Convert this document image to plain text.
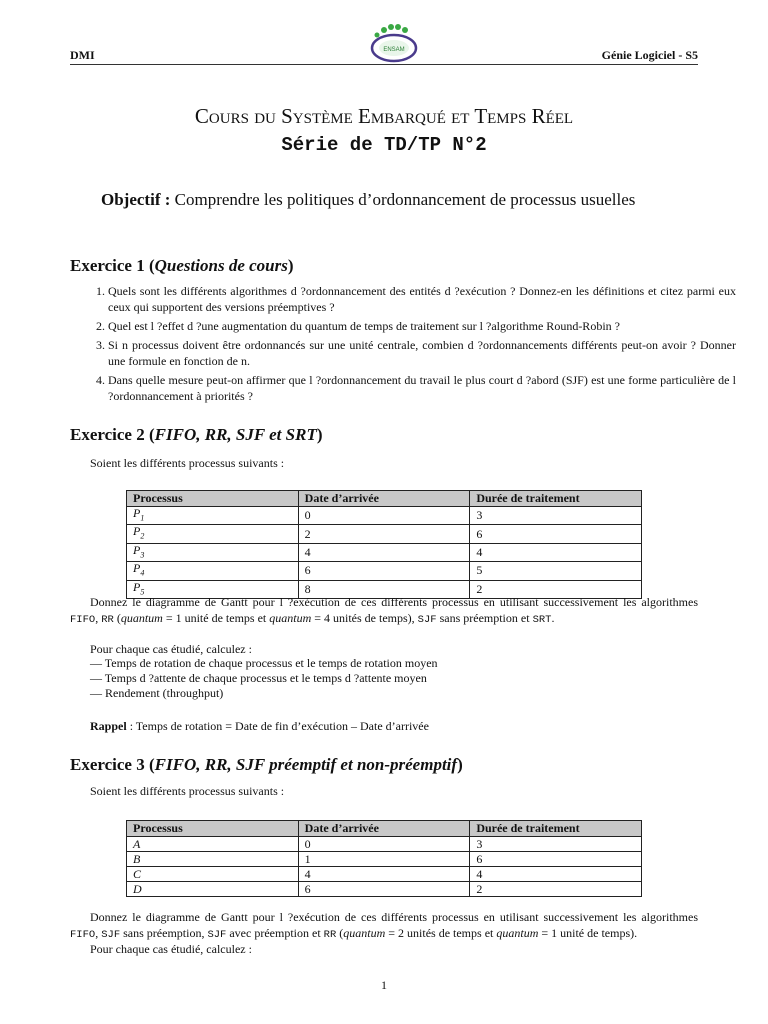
DMI	ENSAM	Génie Logiciel - S5
Cours du Système Embarqué et Temps Réel
Série de TD/TP N°2
Objectif : Comprendre les politiques d’ordonnancement de processus usuelles
Exercice 1 (Questions de cours)
1. Quels sont les différents algorithmes d ?ordonnancement des entités d ?exécution ? Donnez-en les définitions et citez parmi eux ceux qui supportent des versions préemptives ?
2. Quel est l ?effet d ?une augmentation du quantum de temps de traitement sur l ?algorithme Round-Robin ?
3. Si n processus doivent être ordonnancés sur une unité centrale, combien d ?ordonnancements différents peut-on avoir ? Donner une formule en fonction de n.
4. Dans quelle mesure peut-on affirmer que l ?ordonnancement du travail le plus court d ?abord (SJF) est une forme particulière de l ?ordonnancement à priorités ?
Exercice 2 (FIFO, RR, SJF et SRT)
Soient les différents processus suivants :
Processus	Date d’arrivée	Durée de traitement
$P_1$	0	3
$P_2$	2	6
$P_3$	4	4
$P_4$	6	5
$P_5$	8	2
Donnez le diagramme de Gantt pour l ?exécution de ces différents processus en utilisant successivement les algorithmes FIFO, RR (quantum = 1 unité de temps et quantum = 4 unités de temps), SJF sans préemption et SRT.
Pour chaque cas étudié, calculez :
— Temps de rotation de chaque processus et le temps de rotation moyen
— Temps d ?attente de chaque processus et le temps d ?attente moyen
— Rendement (throughput)
Rappel : Temps de rotation = Date de fin d’exécution – Date d’arrivée
Exercice 3 (FIFO, RR, SJF préemptif et non-préemptif)
Soient les différents processus suivants :
Processus	Date d’arrivée	Durée de traitement
A	0	3
B	1	6
C	4	4
D	6	2
Donnez le diagramme de Gantt pour l ?exécution de ces différents processus en utilisant successivement les algorithmes FIFO, SJF sans préemption, SJF avec préemption et RR (quantum = 2 unités de temps et quantum = 1 unité de temps).
Pour chaque cas étudié, calculez :
1
